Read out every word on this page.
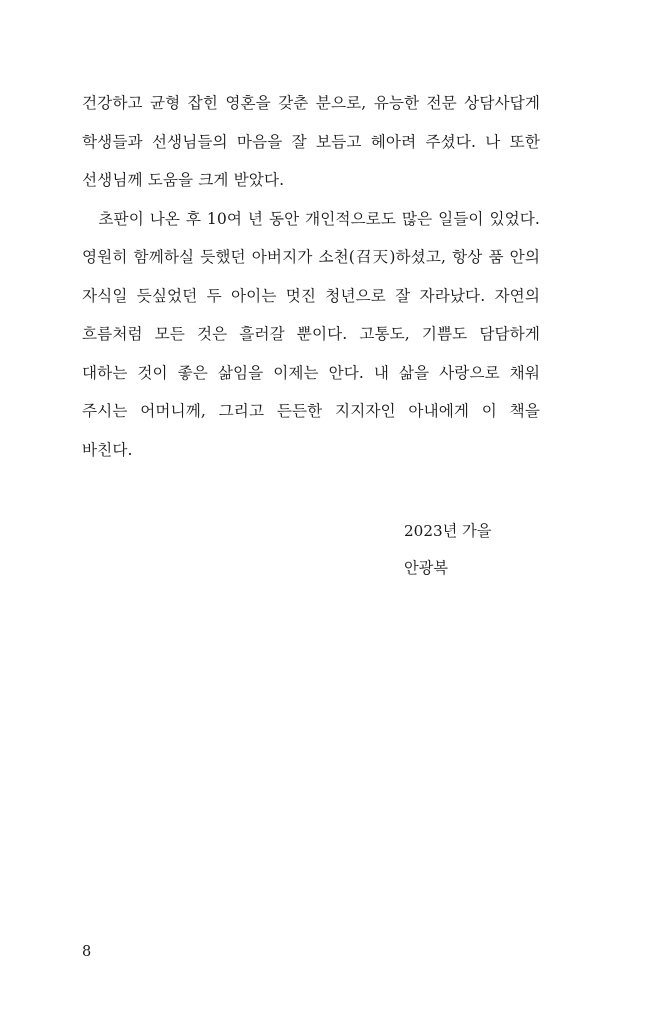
건강하고 균형 잡힌 영혼을 갖춘 분으로, 유능한 전문 상담사답게 학생들과 선생님들의 마음을 잘 보듬고 헤아려 주셨다. 나 또한 선생님께 도움을 크게 받았다.

초판이 나온 후 10여 년 동안 개인적으로도 많은 일들이 있었다. 영원히 함께하실 듯했던 아버지가 소천(召天)하셨고, 항상 품 안의 자식일 듯싶었던 두 아이는 멋진 청년으로 잘 자라났다. 자연의 흐름처럼 모든 것은 흘러갈 뿐이다. 고통도, 기쁨도 담담하게 대하는 것이 좋은 삶임을 이제는 안다. 내 삶을 사랑으로 채워 주시는 어머니께, 그리고 든든한 지지자인 아내에게 이 책을 바친다.

2023년 가을
안광복
8
